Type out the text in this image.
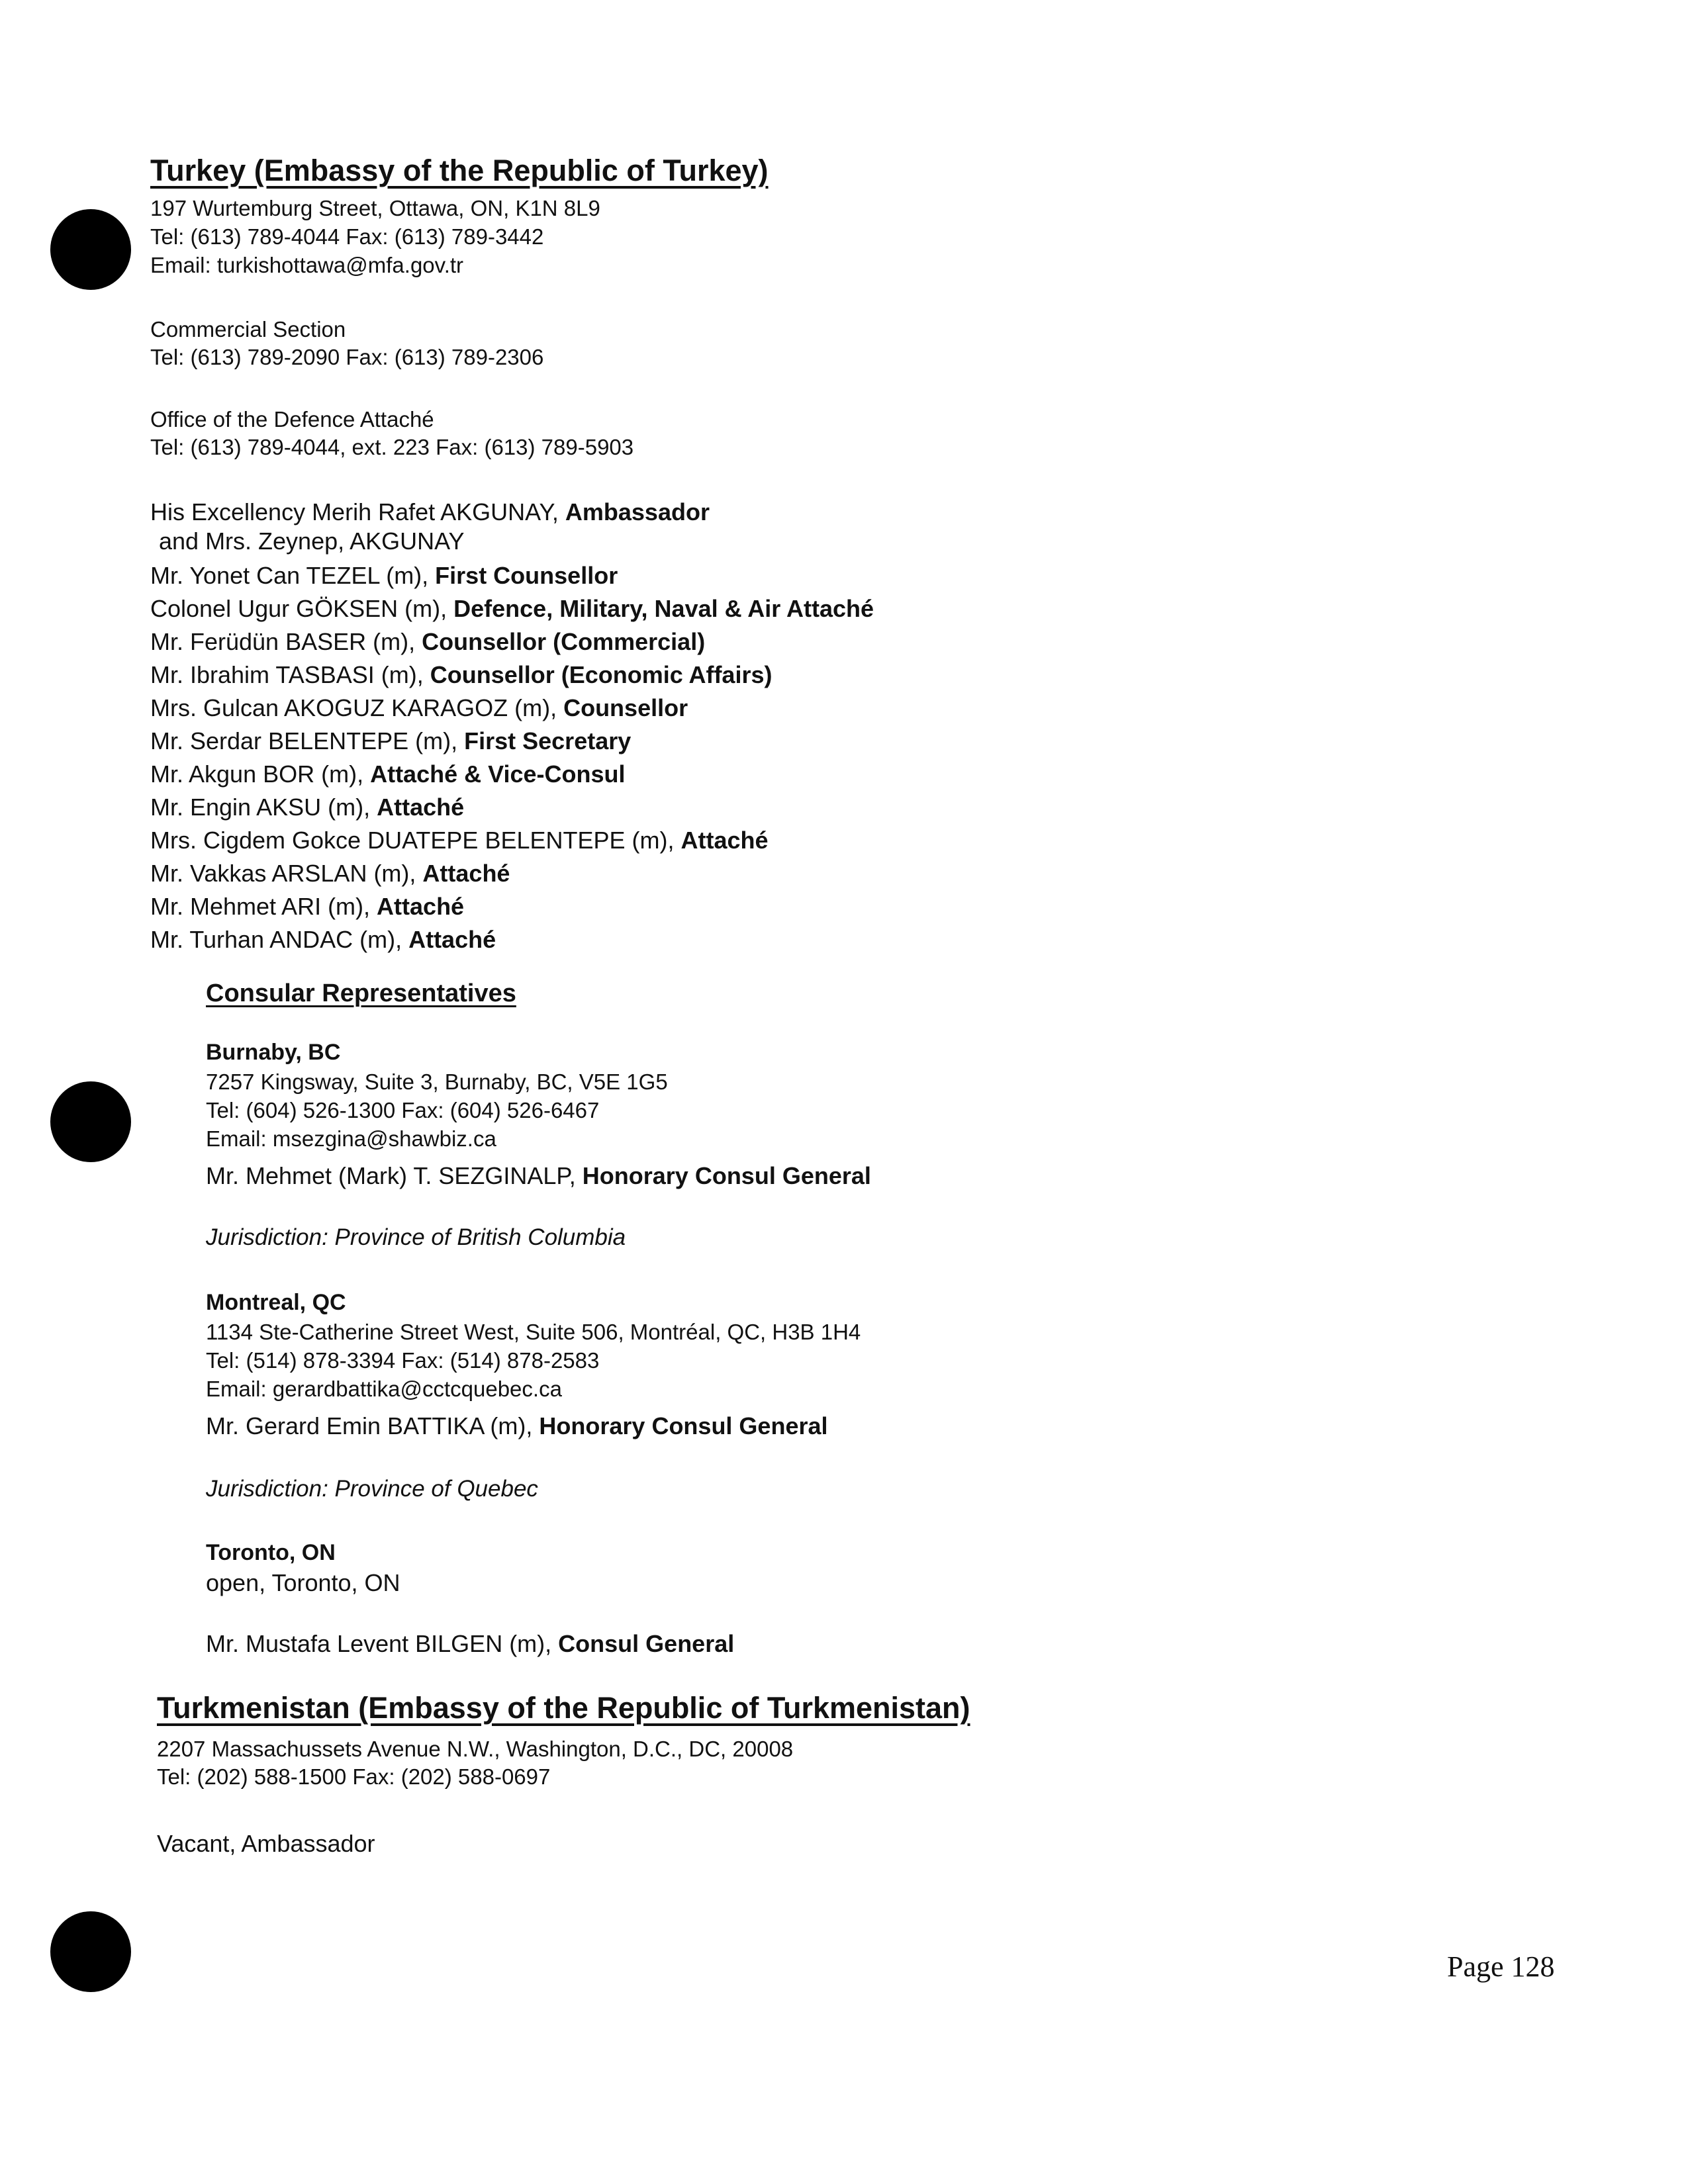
Turkey (Embassy of the Republic of Turkey)
197 Wurtemburg Street, Ottawa, ON, K1N 8L9
Tel: (613) 789-4044 Fax: (613) 789-3442
Email: turkishottawa@mfa.gov.tr
Commercial Section
Tel: (613) 789-2090 Fax: (613) 789-2306
Office of the Defence Attaché
Tel: (613) 789-4044, ext. 223 Fax: (613) 789-5903
His Excellency Merih Rafet AKGUNAY, Ambassador
and Mrs. Zeynep, AKGUNAY
Mr. Yonet Can TEZEL (m), First Counsellor
Colonel Ugur GÖKSEN (m), Defence, Military, Naval & Air Attaché
Mr. Ferüdün BASER (m), Counsellor (Commercial)
Mr. Ibrahim TASBASI (m), Counsellor (Economic Affairs)
Mrs. Gulcan AKOGUZ KARAGOZ (m), Counsellor
Mr. Serdar BELENTEPE (m), First Secretary
Mr. Akgun BOR (m), Attaché & Vice-Consul
Mr. Engin AKSU (m), Attaché
Mrs. Cigdem Gokce DUATEPE BELENTEPE (m), Attaché
Mr. Vakkas ARSLAN (m), Attaché
Mr. Mehmet ARI (m), Attaché
Mr. Turhan ANDAC (m), Attaché
Consular Representatives
Burnaby, BC
7257 Kingsway, Suite 3, Burnaby, BC, V5E 1G5
Tel: (604) 526-1300 Fax: (604) 526-6467
Email: msezgina@shawbiz.ca
Mr. Mehmet (Mark) T. SEZGINALP, Honorary Consul General
Jurisdiction: Province of British Columbia
Montreal, QC
1134 Ste-Catherine Street West, Suite 506, Montréal, QC, H3B 1H4
Tel: (514) 878-3394 Fax: (514) 878-2583
Email: gerardbattika@cctcquebec.ca
Mr. Gerard Emin BATTIKA (m), Honorary Consul General
Jurisdiction: Province of Quebec
Toronto, ON
open, Toronto, ON
Mr. Mustafa Levent BILGEN (m), Consul General
Turkmenistan (Embassy of the Republic of Turkmenistan)
2207 Massachussets Avenue N.W., Washington, D.C., DC, 20008
Tel: (202) 588-1500 Fax: (202) 588-0697
Vacant, Ambassador
Page 128
